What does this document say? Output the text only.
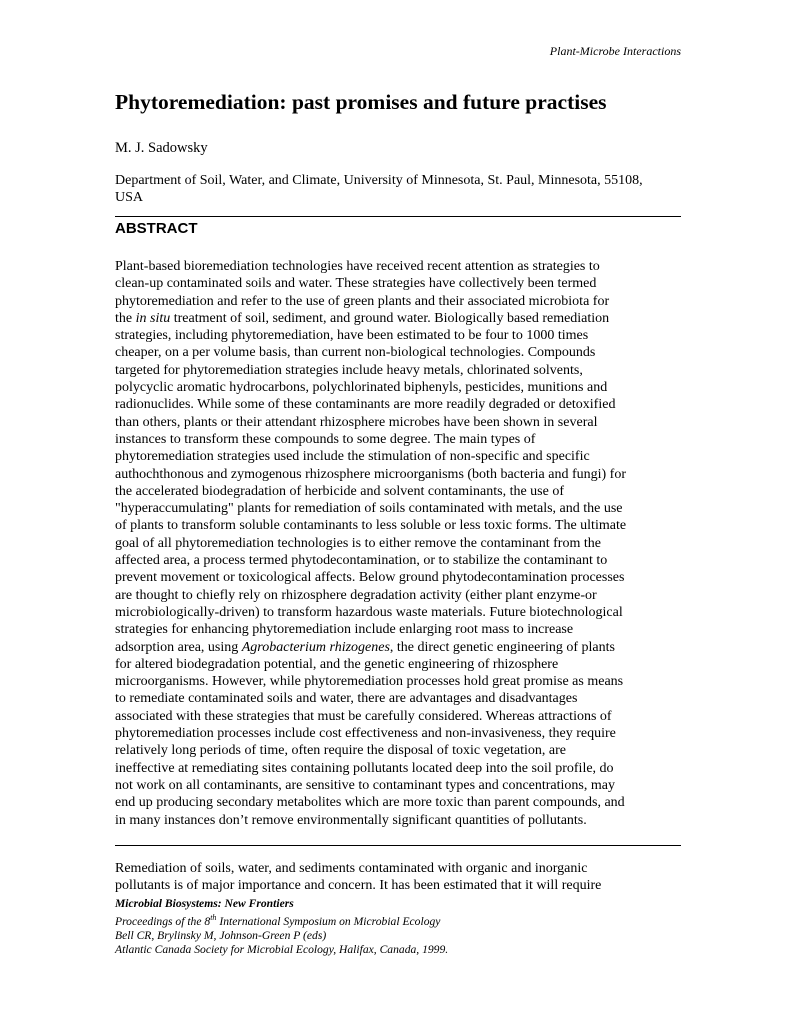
Plant-Microbe Interactions
Phytoremediation: past promises and future practises
M. J. Sadowsky
Department of Soil, Water, and Climate, University of Minnesota, St. Paul, Minnesota, 55108,
USA
ABSTRACT
Plant-based bioremediation technologies have received recent attention as strategies to
clean-up contaminated soils and water. These strategies have collectively been termed
phytoremediation and refer to the use of green plants and their associated microbiota for
the in situ treatment of soil, sediment, and ground water. Biologically based remediation
strategies, including phytoremediation, have been estimated to be four to 1000 times
cheaper, on a per volume basis, than current non-biological technologies. Compounds
targeted for phytoremediation strategies include heavy metals, chlorinated solvents,
polycyclic aromatic hydrocarbons, polychlorinated biphenyls, pesticides, munitions and
radionuclides. While some of these contaminants are more readily degraded or detoxified
than others, plants or their attendant rhizosphere microbes have been shown in several
instances to transform these compounds to some degree. The main types of
phytoremediation strategies used include the stimulation of non-specific and specific
authochthonous and zymogenous rhizosphere microorganisms (both bacteria and fungi) for
the accelerated biodegradation of herbicide and solvent contaminants, the use of
"hyperaccumulating" plants for remediation of soils contaminated with metals, and the use
of plants to transform soluble contaminants to less soluble or less toxic forms. The ultimate
goal of all phytoremediation technologies is to either remove the contaminant from the
affected area, a process termed phytodecontamination, or to stabilize the contaminant to
prevent movement or toxicological affects. Below ground phytodecontamination processes
are thought to chiefly rely on rhizosphere degradation activity (either plant enzyme-or
microbiologically-driven) to transform hazardous waste materials. Future biotechnological
strategies for enhancing phytoremediation include enlarging root mass to increase
adsorption area, using Agrobacterium rhizogenes, the direct genetic engineering of plants
for altered biodegradation potential, and the genetic engineering of rhizosphere
microorganisms. However, while phytoremediation processes hold great promise as means
to remediate contaminated soils and water, there are advantages and disadvantages
associated with these strategies that must be carefully considered. Whereas attractions of
phytoremediation processes include cost effectiveness and non-invasiveness, they require
relatively long periods of time, often require the disposal of toxic vegetation, are
ineffective at remediating sites containing pollutants located deep into the soil profile, do
not work on all contaminants, are sensitive to contaminant types and concentrations, may
end up producing secondary metabolites which are more toxic than parent compounds, and
in many instances don’t remove environmentally significant quantities of pollutants.
Remediation of soils, water, and sediments contaminated with organic and inorganic
pollutants is of major importance and concern. It has been estimated that it will require
Microbial Biosystems: New Frontiers
Proceedings of the 8th International Symposium on Microbial Ecology
Bell CR, Brylinsky M, Johnson-Green P (eds)
Atlantic Canada Society for Microbial Ecology, Halifax, Canada, 1999.
